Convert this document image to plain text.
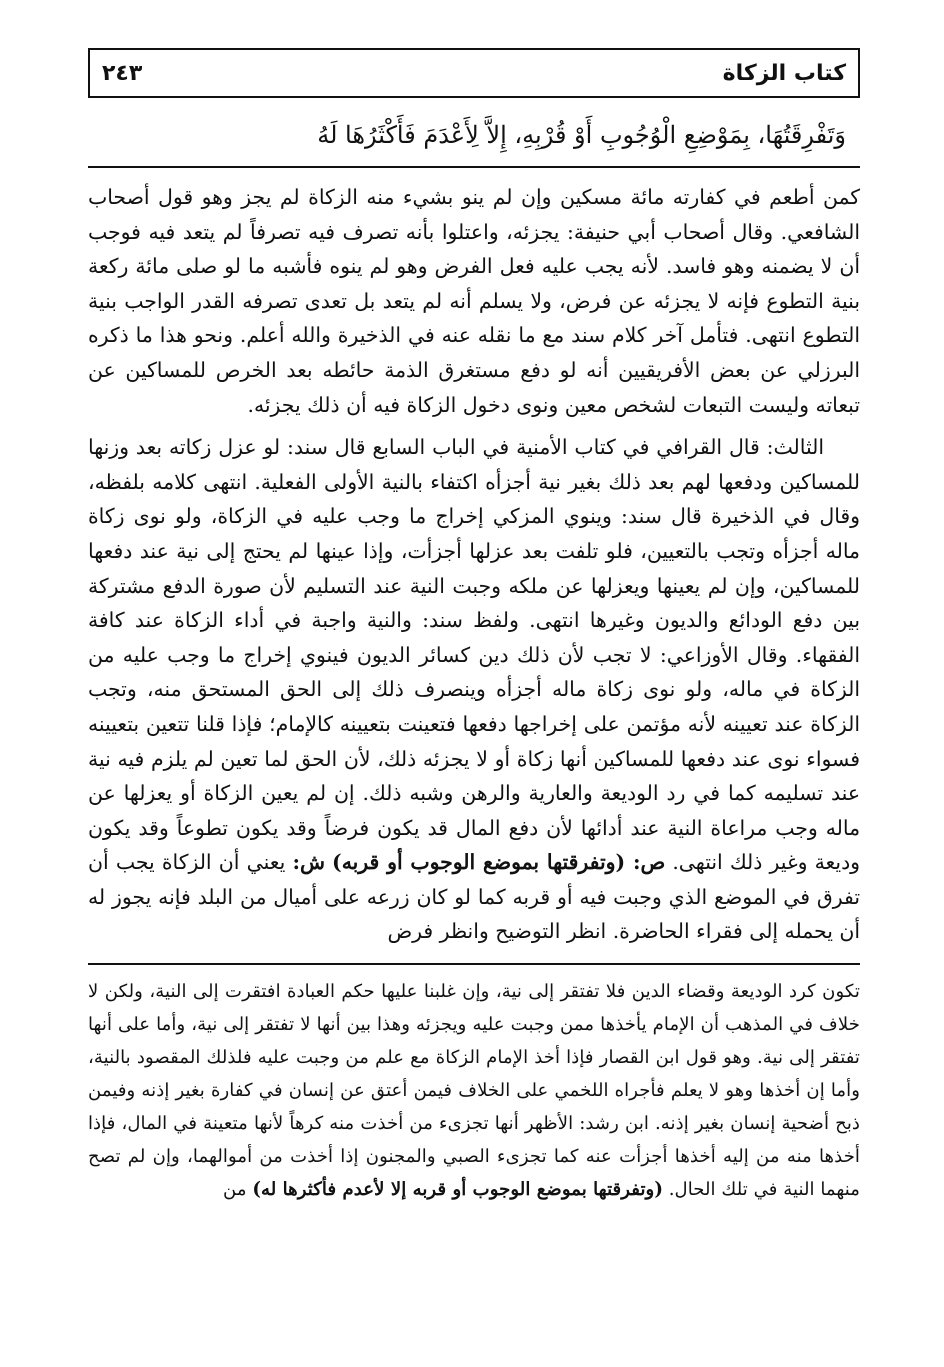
كتاب الزكاة
٢٤٣
وَتَفْرِقَتُهَا، بِمَوْضِعِ الْوُجُوبِ أَوْ قُرْبِهِ، إِلاَّ لِأَعْدَمَ فَأَكْثَرُهَا لَهُ

كمن أطعم في كفارته مائة مسكين وإن لم ينو بشيء منه الزكاة لم يجز وهو قول أصحاب الشافعي. وقال أصحاب أبي حنيفة: يجزئه، واعتلوا بأنه تصرف فيه تصرفاً لم يتعد فيه فوجب أن لا يضمنه وهو فاسد. لأنه يجب عليه فعل الفرض وهو لم ينوه فأشبه ما لو صلى مائة ركعة بنية التطوع فإنه لا يجزئه عن فرض، ولا يسلم أنه لم يتعد بل تعدى تصرفه القدر الواجب بنية التطوع انتهى. فتأمل آخر كلام سند مع ما نقله عنه في الذخيرة والله أعلم. ونحو هذا ما ذكره البرزلي عن بعض الأفريقيين أنه لو دفع مستغرق الذمة حائطه بعد الخرص للمساكين عن تبعاته وليست التبعات لشخص معين ونوى دخول الزكاة فيه أن ذلك يجزئه.

الثالث: قال القرافي في كتاب الأمنية في الباب السابع قال سند: لو عزل زكاته بعد وزنها للمساكين ودفعها لهم بعد ذلك بغير نية أجزأه اكتفاء بالنية الأولى الفعلية. انتهى كلامه بلفظه، وقال في الذخيرة قال سند: وينوي المزكي إخراج ما وجب عليه في الزكاة، ولو نوى زكاة ماله أجزأه وتجب بالتعيين، فلو تلفت بعد عزلها أجزأت، وإذا عينها لم يحتج إلى نية عند دفعها للمساكين، وإن لم يعينها ويعزلها عن ملكه وجبت النية عند التسليم لأن صورة الدفع مشتركة بين دفع الودائع والديون وغيرها انتهى. ولفظ سند: والنية واجبة في أداء الزكاة عند كافة الفقهاء. وقال الأوزاعي: لا تجب لأن ذلك دين كسائر الديون فينوي إخراج ما وجب عليه من الزكاة في ماله، ولو نوى زكاة ماله أجزأه وينصرف ذلك إلى الحق المستحق منه، وتجب الزكاة عند تعيينه لأنه مؤتمن على إخراجها دفعها فتعينت بتعيينه كالإمام؛ فإذا قلنا تتعين بتعيينه فسواء نوى عند دفعها للمساكين أنها زكاة أو لا يجزئه ذلك، لأن الحق لما تعين لم يلزم فيه نية عند تسليمه كما في رد الوديعة والعارية والرهن وشبه ذلك. إن لم يعين الزكاة أو يعزلها عن ماله وجب مراعاة النية عند أدائها لأن دفع المال قد يكون فرضاً وقد يكون تطوعاً وقد يكون وديعة وغير ذلك انتهى. ص: (وتفرقتها بموضع الوجوب أو قربه) ش: يعني أن الزكاة يجب أن تفرق في الموضع الذي وجبت فيه أو قربه كما لو كان زرعه على أميال من البلد فإنه يجوز له أن يحمله إلى فقراء الحاضرة. انظر التوضيح وانظر فرض

تكون كرد الوديعة وقضاء الدين فلا تفتقر إلى نية، وإن غلبنا عليها حكم العبادة افتقرت إلى النية، ولكن لا خلاف في المذهب أن الإمام يأخذها ممن وجبت عليه ويجزئه وهذا بين أنها لا تفتقر إلى نية، وأما على أنها تفتقر إلى نية. وهو قول ابن القصار فإذا أخذ الإمام الزكاة مع علم من وجبت عليه فلذلك المقصود بالنية، وأما إن أخذها وهو لا يعلم فأجراه اللخمي على الخلاف فيمن أعتق عن إنسان في كفارة بغير إذنه وفيمن ذبح أضحية إنسان بغير إذنه. ابن رشد: الأظهر أنها تجزىء من أخذت منه كرهاً لأنها متعينة في المال، فإذا أخذها منه من إليه أخذها أجزأت عنه كما تجزىء الصبي والمجنون إذا أخذت من أموالهما، وإن لم تصح منهما النية في تلك الحال. (وتفرقتها بموضع الوجوب أو قربه إلا لأعدم فأكثرها له) من
